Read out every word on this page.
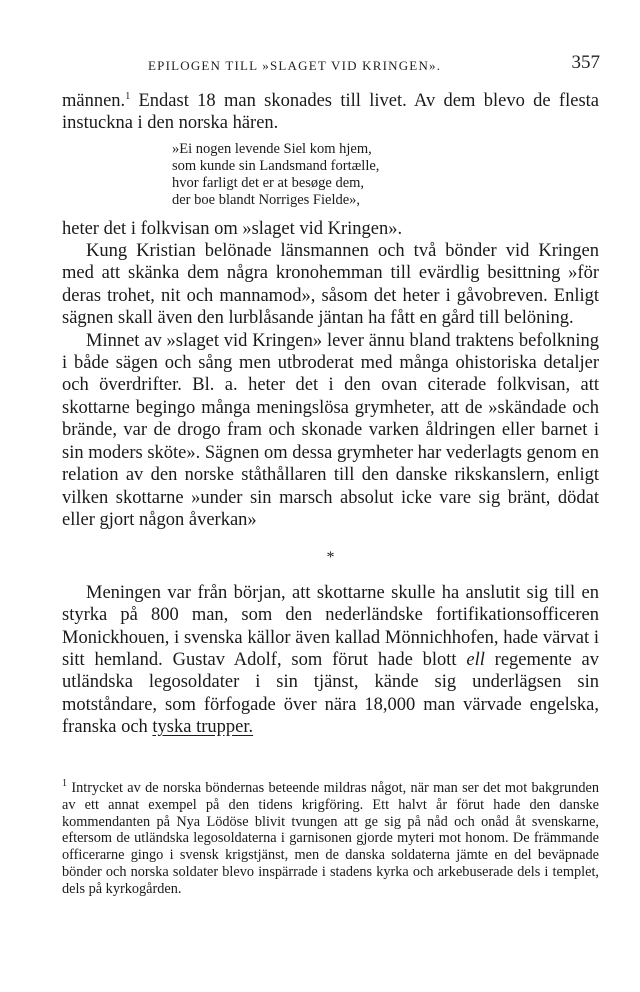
EPILOGEN TILL »SLAGET VID KRINGEN».	357

männen.$^1$ Endast 18 man skonades till livet. Av dem blevo de flesta instuckna i den norska hären.

»Ei nogen levende Siel kom hjem,
som kunde sin Landsmand fortælle,
hvor farligt det er at besøge dem,
der boe blandt Norriges Fielde»,

heter det i folkvisan om »slaget vid Kringen».

Kung Kristian belönade länsmannen och två bönder vid Kringen med att skänka dem några kronohemman till evärdlig besittning »för deras trohet, nit och mannamod», såsom det heter i gåvobreven. Enligt sägnen skall även den lurblåsande jäntan ha fått en gård till belöning.

Minnet av »slaget vid Kringen» lever ännu bland traktens befolkning i både sägen och sång men utbroderat med många ohistoriska detaljer och överdrifter. Bl. a. heter det i den ovan citerade folkvisan, att skottarne begingo många meningslösa grymheter, att de »skändade och brände, var de drogo fram och skonade varken åldringen eller barnet i sin moders sköte». Sägnen om dessa grymheter har vederlagts genom en relation av den norske ståthållaren till den danske rikskanslern, enligt vilken skottarne »under sin marsch absolut icke vare sig bränt, dödat eller gjort någon åverkan»

*

Meningen var från början, att skottarne skulle ha anslutit sig till en styrka på 800 man, som den nederländske fortifikationsofficeren Monickhouen, i svenska källor även kallad Mönnichhofen, hade värvat i sitt hemland. Gustav Adolf, som förut hade blott ell regemente av utländska legosoldater i sin tjänst, kände sig underlägsen sin motståndare, som förfogade över nära 18,000 man värvade engelska, franska och tyska trupper.

$^1$ Intrycket av de norska böndernas beteende mildras något, när man ser det mot bakgrunden av ett annat exempel på den tidens krigföring. Ett halvt år förut hade den danske kommendanten på Nya Lödöse blivit tvungen att ge sig på nåd och onåd åt svenskarne, eftersom de utländska legosoldaterna i garnisonen gjorde myteri mot honom. De främmande officerarne gingo i svensk krigstjänst, men de danska soldaterna jämte en del beväpnade bönder och norska soldater blevo inspärrade i stadens kyrka och arkebuserade dels i templet, dels på kyrkogården.
